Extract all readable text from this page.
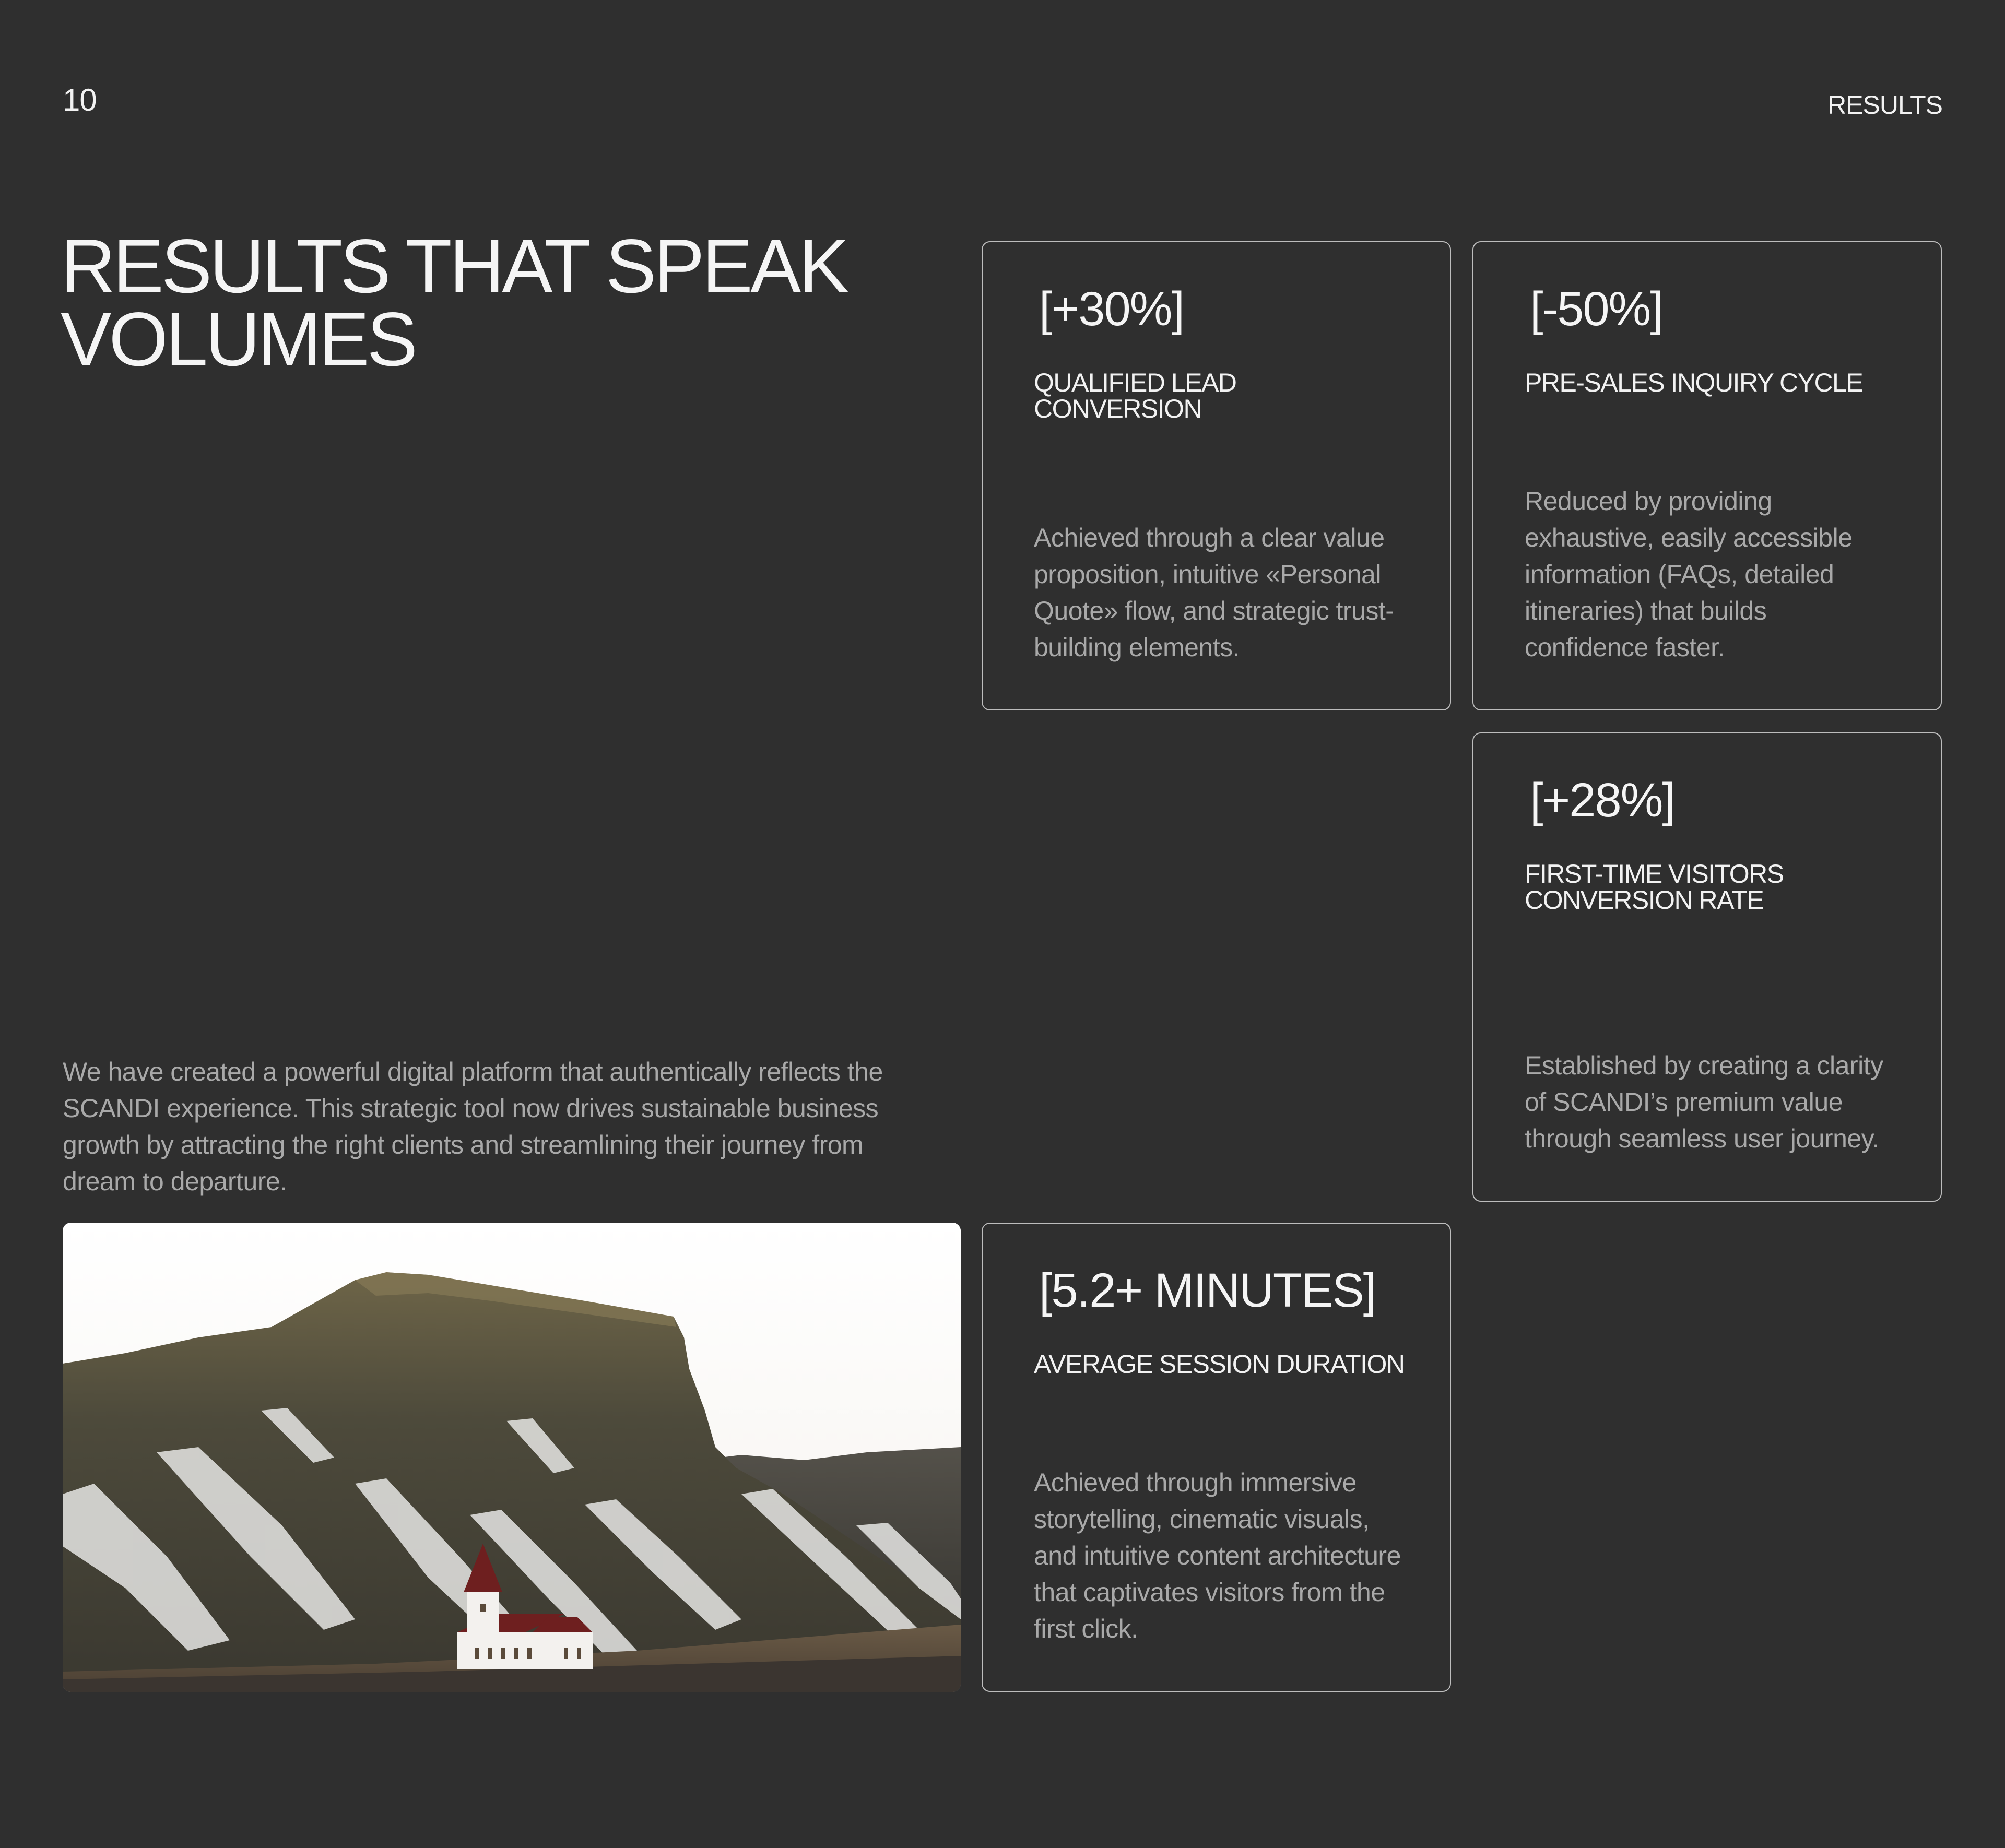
10	RESULTS
RESULTS THAT SPEAK
VOLUMES

We have created a powerful digital platform that authentically reflects the SCANDI experience. This strategic tool now drives sustainable business growth by attracting the right clients and streamlining their journey from dream to departure.

[+30%]
QUALIFIED LEAD CONVERSION
Achieved through a clear value proposition, intuitive «Personal Quote» flow, and strategic trust-building elements.
[-50%]
PRE-SALES INQUIRY CYCLE
Reduced by providing exhaustive, easily accessible information (FAQs, detailed itineraries) that builds confidence faster.
[+28%]
FIRST-TIME VISITORS CONVERSION RATE
Established by creating a clarity of SCANDI’s premium value through seamless user journey.
[5.2+ MINUTES]
AVERAGE SESSION DURATION
Achieved through immersive storytelling, cinematic visuals, and intuitive content architecture that captivates visitors from the first click.
